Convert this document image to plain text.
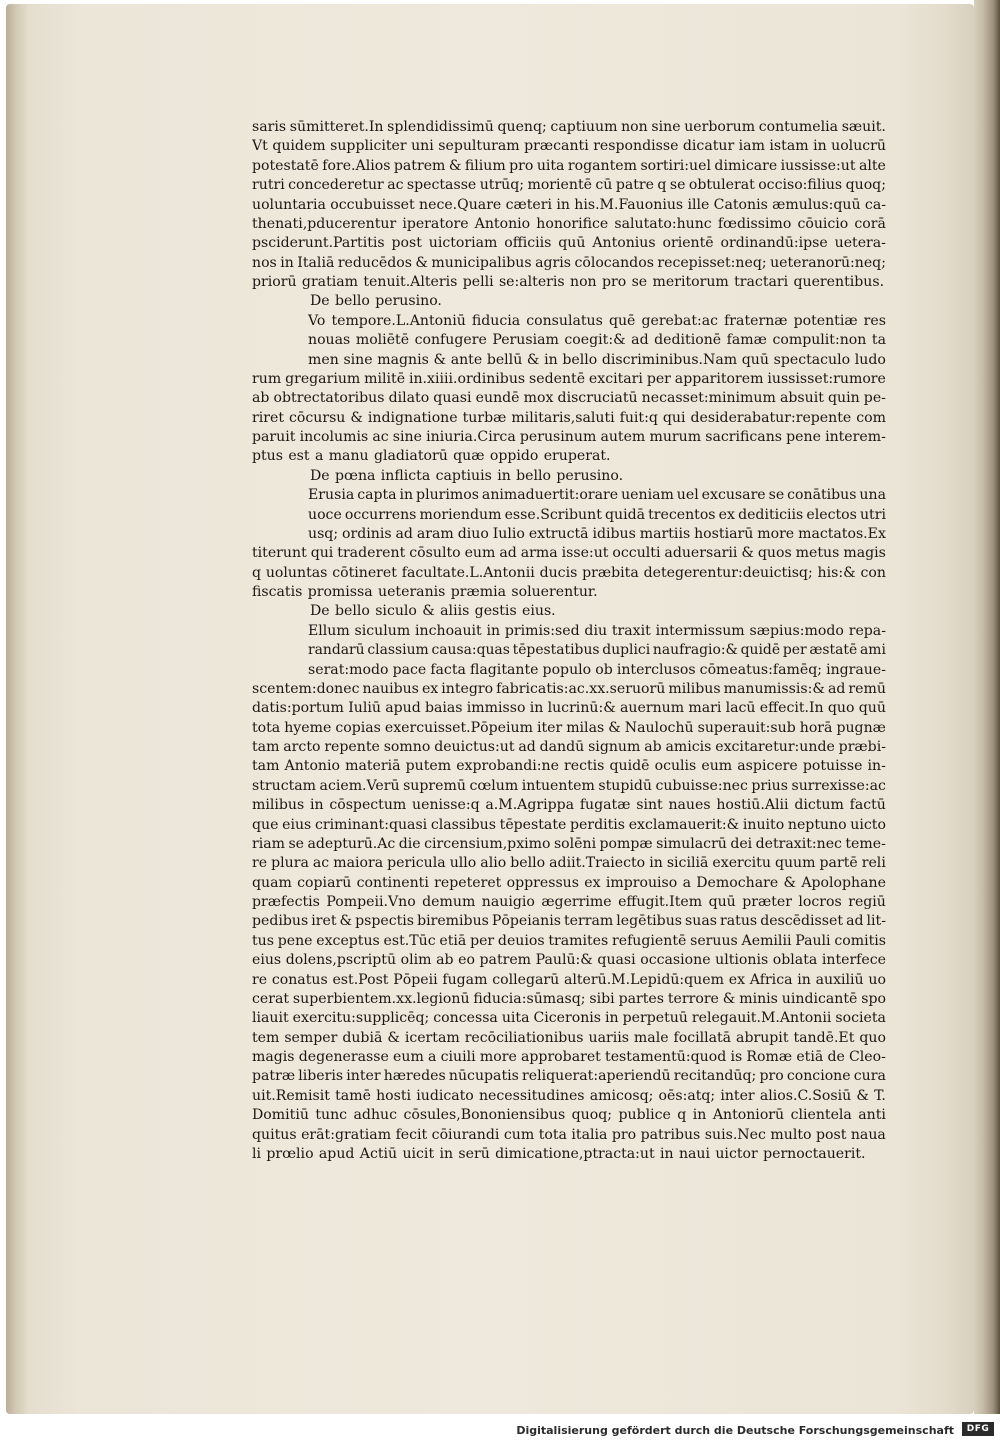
saris sūmitteret.In splendidissimū quenq; captiuum non sine uerborum contumelia sæuit.
Vt quidem suppliciter uni sepulturam præcanti respondisse dicatur iam istam in uolucrū
potestatē fore.Alios patrem & filium pro uita rogantem sortiri:uel dimicare iussisse:ut alte
rutri concederetur ac spectasse utrūq; morientē cū patre q se obtulerat occiso:filius quoq;
uoluntaria occubuisset nece.Quare cæteri in his.M.Fauonius ille Catonis æmulus:quū ca-
thenati,pducerentur iperatore Antonio honorifice salutato:hunc fœdissimo cōuicio corā
psciderunt.Partitis post uictoriam officiis quū Antonius orientē ordinandū:ipse uetera-
nos in Italiā reducēdos & municipalibus agris cōlocandos recepisset:neq; ueteranorū:neq;
priorū gratiam tenuit.Alteris pelli se:alteris non pro se meritorum tractari querentibus.
De bello perusino.
Vo tempore.L.Antoniū fiducia consulatus quē gerebat:ac fraternæ potentiæ res
nouas moliētē confugere Perusiam coegit:& ad deditionē famæ compulit:non ta
men sine magnis & ante bellū & in bello discriminibus.Nam quū spectaculo ludo
rum gregarium militē in.xiiii.ordinibus sedentē excitari per apparitorem iussisset:rumore
ab obtrectatoribus dilato quasi eundē mox discruciatū necasset:minimum absuit quin pe-
riret cōcursu & indignatione turbæ militaris,saluti fuit:q qui desiderabatur:repente com
paruit incolumis ac sine iniuria.Circa perusinum autem murum sacrificans pene interem-
ptus est a manu gladiatorū quæ oppido eruperat.
De pœna inflicta captiuis in bello perusino.
Erusia capta in plurimos animaduertit:orare ueniam uel excusare se conātibus una
uoce occurrens moriendum esse.Scribunt quidā trecentos ex dediticiis electos utri
usq; ordinis ad aram diuo Iulio extructā idibus martiis hostiarū more mactatos.Ex
titerunt qui traderent cōsulto eum ad arma isse:ut occulti aduersarii & quos metus magis
q uoluntas cōtineret facultate.L.Antonii ducis præbita detegerentur:deuictisq; his:& con
fiscatis promissa ueteranis præmia soluerentur.
De bello siculo & aliis gestis eius.
Ellum siculum inchoauit in primis:sed diu traxit intermissum sæpius:modo repa-
randarū classium causa:quas tēpestatibus duplici naufragio:& quidē per æstatē ami
serat:modo pace facta flagitante populo ob interclusos cōmeatus:famēq; ingraue-
scentem:donec nauibus ex integro fabricatis:ac.xx.seruorū milibus manumissis:& ad remū
datis:portum Iuliū apud baias immisso in lucrinū:& auernum mari lacū effecit.In quo quū
tota hyeme copias exercuisset.Pōpeium iter milas & Naulochū superauit:sub horā pugnæ
tam arcto repente somno deuictus:ut ad dandū signum ab amicis excitaretur:unde præbi-
tam Antonio materiā putem exprobandi:ne rectis quidē oculis eum aspicere potuisse in-
structam aciem.Verū supremū cœlum intuentem stupidū cubuisse:nec prius surrexisse:ac
milibus in cōspectum uenisse:q a.M.Agrippa fugatæ sint naues hostiū.Alii dictum factū
que eius criminant:quasi classibus tēpestate perditis exclamauerit:& inuito neptuno uicto
riam se adepturū.Ac die circensium,pximo solēni pompæ simulacrū dei detraxit:nec teme-
re plura ac maiora pericula ullo alio bello adiit.Traiecto in siciliā exercitu quum partē reli
quam copiarū continenti repeteret oppressus ex improuiso a Demochare & Apolophane
præfectis Pompeii.Vno demum nauigio ægerrime effugit.Item quū præter locros regiū
pedibus iret & pspectis biremibus Pōpeianis terram legētibus suas ratus descēdisset ad lit-
tus pene exceptus est.Tūc etiā per deuios tramites refugientē seruus Aemilii Pauli comitis
eius dolens,pscriptū olim ab eo patrem Paulū:& quasi occasione ultionis oblata interfece
re conatus est.Post Pōpeii fugam collegarū alterū.M.Lepidū:quem ex Africa in auxiliū uo
cerat superbientem.xx.legionū fiducia:sūmasq; sibi partes terrore & minis uindicantē spo
liauit exercitu:supplicēq; concessa uita Ciceronis in perpetuū relegauit.M.Antonii societa
tem semper dubiā & icertam recōciliationibus uariis male focillatā abrupit tandē.Et quo
magis degenerasse eum a ciuili more approbaret testamentū:quod is Romæ etiā de Cleo-
patræ liberis inter hæredes nūcupatis reliquerat:aperiendū recitandūq; pro concione cura
uit.Remisit tamē hosti iudicato necessitudines amicosq; oēs:atq; inter alios.C.Sosiū & T.
Domitiū tunc adhuc cōsules,Bononiensibus quoq; publice q in Antoniorū clientela anti
quitus erāt:gratiam fecit cōiurandi cum tota italia pro patribus suis.Nec multo post naua
li prœlio apud Actiū uicit in serū dimicatione,ptracta:ut in naui uictor pernoctauerit.
Digitalisierung gefördert durch die Deutsche Forschungsgemeinschaft	DFG
